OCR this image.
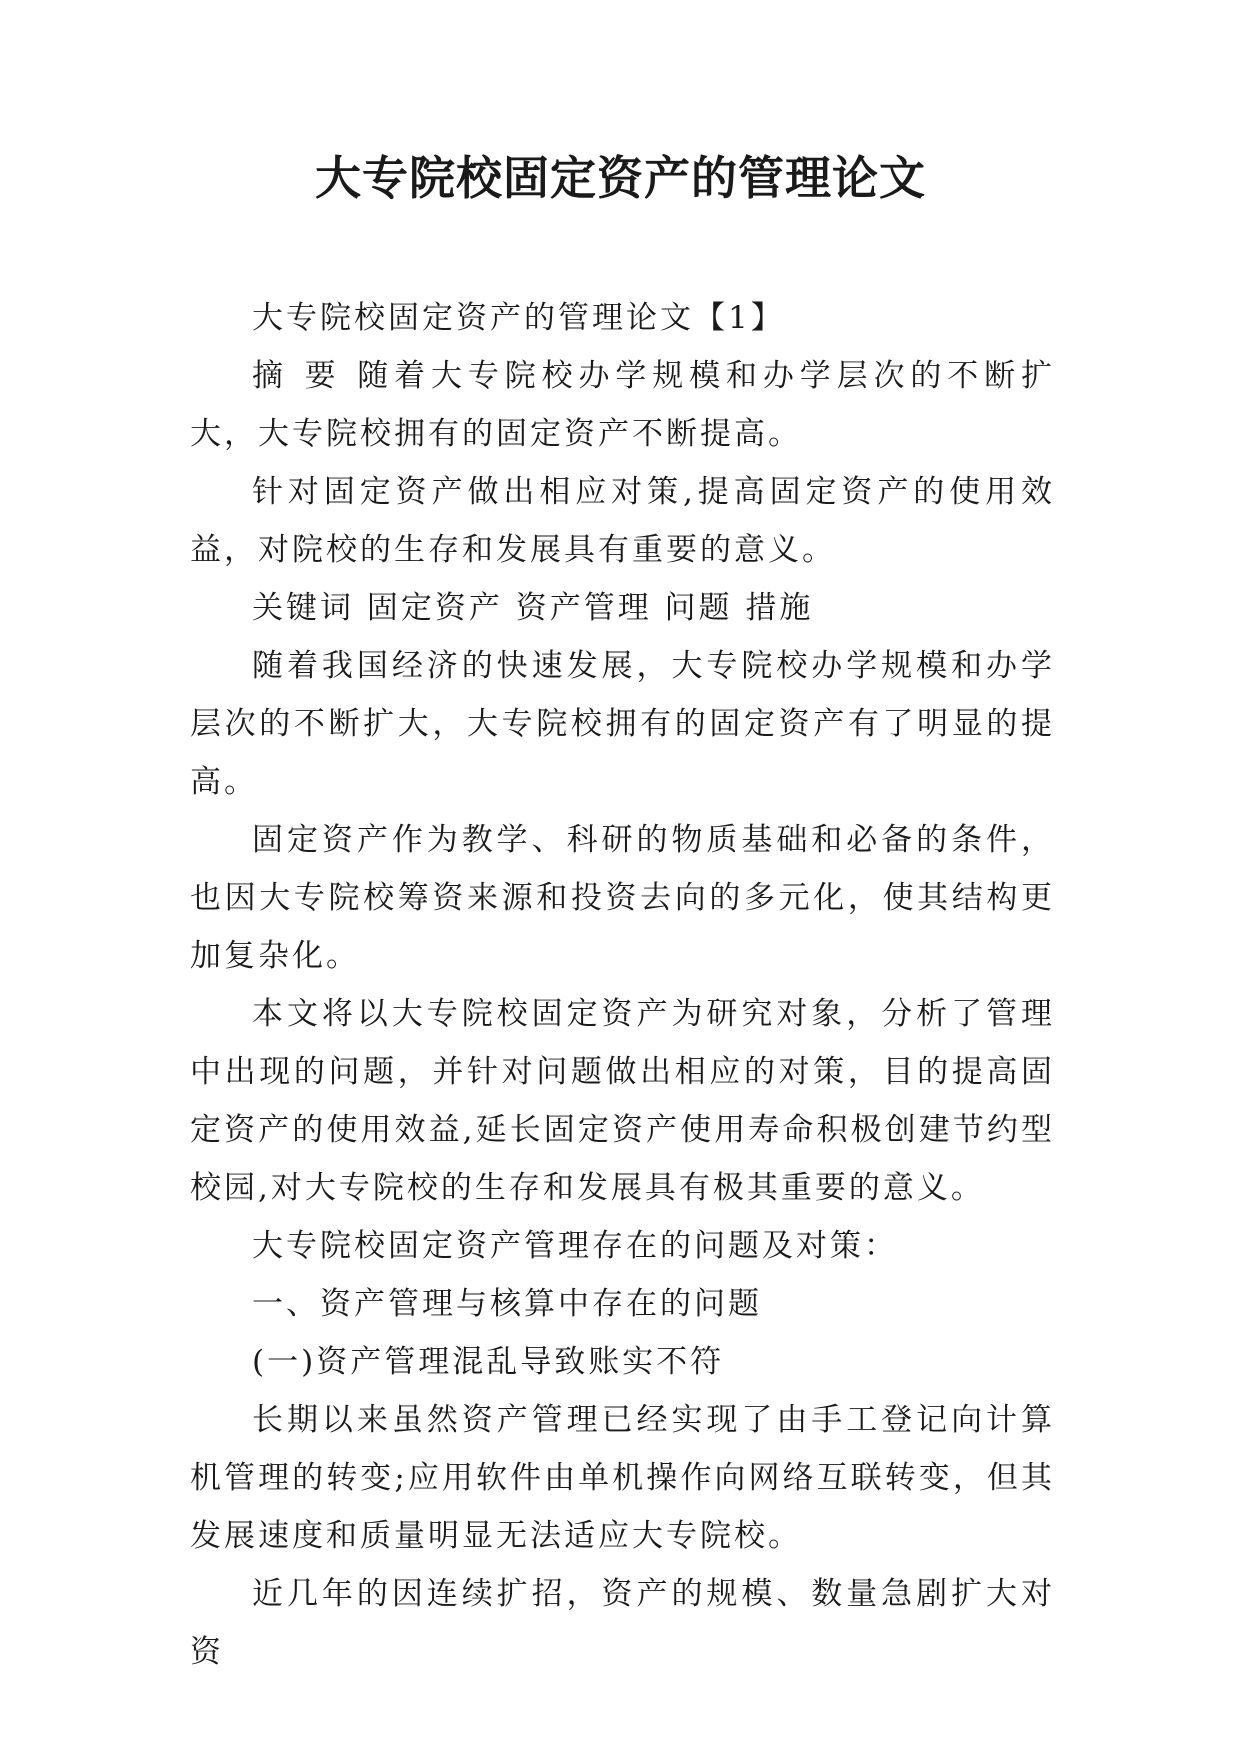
大专院校固定资产的管理论文

大专院校固定资产的管理论文【1】

摘 要 随着大专院校办学规模和办学层次的不断扩大，大专院校拥有的固定资产不断提高。

针对固定资产做出相应对策,提高固定资产的使用效益，对院校的生存和发展具有重要的意义。

关键词 固定资产 资产管理 问题 措施

随着我国经济的快速发展，大专院校办学规模和办学层次的不断扩大，大专院校拥有的固定资产有了明显的提高。

固定资产作为教学、科研的物质基础和必备的条件，也因大专院校筹资来源和投资去向的多元化，使其结构更加复杂化。

本文将以大专院校固定资产为研究对象，分析了管理中出现的问题，并针对问题做出相应的对策，目的提高固定资产的使用效益,延长固定资产使用寿命积极创建节约型校园,对大专院校的生存和发展具有极其重要的意义。

大专院校固定资产管理存在的问题及对策：

一、资产管理与核算中存在的问题

(一)资产管理混乱导致账实不符

长期以来虽然资产管理已经实现了由手工登记向计算机管理的转变;应用软件由单机操作向网络互联转变，但其发展速度和质量明显无法适应大专院校。

近几年的因连续扩招，资产的规模、数量急剧扩大对资
